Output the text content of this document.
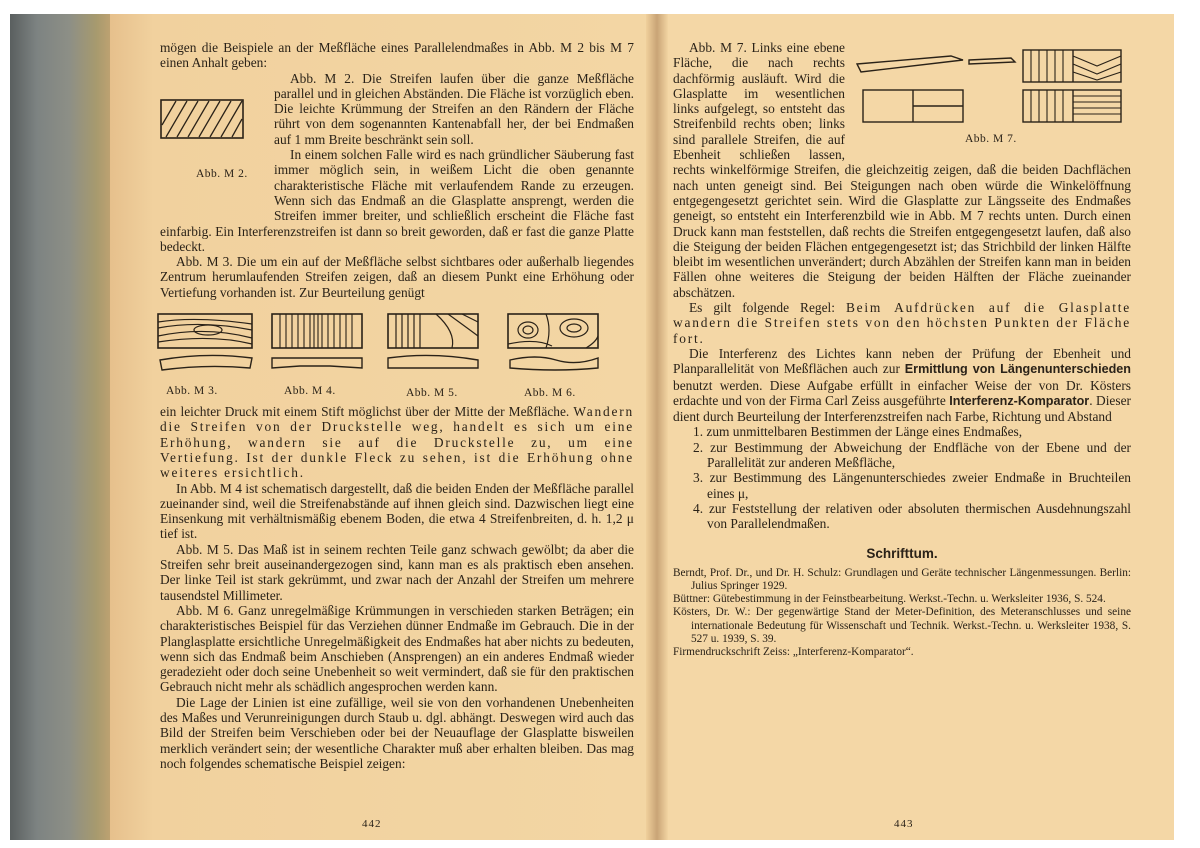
mögen die Beispiele an der Meßfläche eines Parallelendmaßes in Abb. M 2 bis M 7 einen Anhalt geben:

Abb. M 2.
Abb. M 2. Die Streifen laufen über die ganze Meßfläche parallel und in gleichen Abständen. Die Fläche ist vorzüglich eben. Die leichte Krümmung der Streifen an den Rändern der Fläche rührt von dem sogenannten Kantenabfall her, der bei Endmaßen auf 1 mm Breite beschränkt sein soll.

In einem solchen Falle wird es nach gründlicher Säuberung fast immer möglich sein, in weißem Licht die oben genannte charakteristische Fläche mit verlaufendem Rande zu erzeugen. Wenn sich das Endmaß an die Glasplatte ansprengt, werden die Streifen immer breiter, und schließlich erscheint die Fläche fast einfarbig. Ein Interferenzstreifen ist dann so breit geworden, daß er fast die ganze Platte bedeckt.

Abb. M 3. Die um ein auf der Meßfläche selbst sichtbares oder außerhalb liegendes Zentrum herumlaufenden Streifen zeigen, daß an diesem Punkt eine Erhöhung oder Vertiefung vorhanden ist. Zur Beurteilung genügt

Abb. M 3.	Abb. M 4.	Abb. M 5.	Abb. M 6.

ein leichter Druck mit einem Stift möglichst über der Mitte der Meßfläche. Wandern die Streifen von der Druckstelle weg, handelt es sich um eine Erhöhung, wandern sie auf die Druckstelle zu, um eine Vertiefung. Ist der dunkle Fleck zu sehen, ist die Erhöhung ohne weiteres ersichtlich.

In Abb. M 4 ist schematisch dargestellt, daß die beiden Enden der Meßfläche parallel zueinander sind, weil die Streifenabstände auf ihnen gleich sind. Dazwischen liegt eine Einsenkung mit verhältnismäßig ebenem Boden, die etwa 4 Streifenbreiten, d. h. 1,2 μ tief ist.

Abb. M 5. Das Maß ist in seinem rechten Teile ganz schwach gewölbt; da aber die Streifen sehr breit auseinandergezogen sind, kann man es als praktisch eben ansehen. Der linke Teil ist stark gekrümmt, und zwar nach der Anzahl der Streifen um mehrere tausendstel Millimeter.

Abb. M 6. Ganz unregelmäßige Krümmungen in verschieden starken Beträgen; ein charakteristisches Beispiel für das Verziehen dünner Endmaße im Gebrauch. Die in der Planglasplatte ersichtliche Unregelmäßigkeit des Endmaßes hat aber nichts zu bedeuten, wenn sich das Endmaß beim Anschieben (Ansprengen) an ein anderes Endmaß wieder geradezieht oder doch seine Unebenheit so weit vermindert, daß sie für den praktischen Gebrauch nicht mehr als schädlich angesprochen werden kann.

Die Lage der Linien ist eine zufällige, weil sie von den vorhandenen Unebenheiten des Maßes und Verunreinigungen durch Staub u. dgl. abhängt. Deswegen wird auch das Bild der Streifen beim Verschieben oder bei der Neuauflage der Glasplatte bisweilen merklich verändert sein; der wesentliche Charakter muß aber erhalten bleiben. Das mag noch folgendes schematische Beispiel zeigen:

442

Abb. M 7.
Abb. M 7. Links eine ebene Fläche, die nach rechts dachförmig ausläuft. Wird die Glasplatte im wesentlichen links aufgelegt, so entsteht das Streifenbild rechts oben; links sind parallele Streifen, die auf Ebenheit schließen lassen, rechts winkelförmige Streifen, die gleichzeitig zeigen, daß die beiden Dachflächen nach unten geneigt sind. Bei Steigungen nach oben würde die Winkelöffnung entgegengesetzt gerichtet sein. Wird die Glasplatte zur Längsseite des Endmaßes geneigt, so entsteht ein Interferenzbild wie in Abb. M 7 rechts unten. Durch einen Druck kann man feststellen, daß rechts die Streifen entgegengesetzt laufen, daß also die Steigung der beiden Flächen entgegengesetzt ist; das Strichbild der linken Hälfte bleibt im wesentlichen unverändert; durch Abzählen der Streifen kann man in beiden Fällen ohne weiteres die Steigung der beiden Hälften der Fläche zueinander abschätzen.

Es gilt folgende Regel: Beim Aufdrücken auf die Glasplatte wandern die Streifen stets von den höchsten Punkten der Fläche fort.

Die Interferenz des Lichtes kann neben der Prüfung der Ebenheit und Planparallelität von Meßflächen auch zur Ermittlung von Längenunterschieden benutzt werden. Diese Aufgabe erfüllt in einfacher Weise der von Dr. Kösters erdachte und von der Firma Carl Zeiss ausgeführte Interferenz-Komparator. Dieser dient durch Beurteilung der Interferenzstreifen nach Farbe, Richtung und Abstand

1. zum unmittelbaren Bestimmen der Länge eines Endmaßes,

2. zur Bestimmung der Abweichung der Endfläche von der Ebene und der Parallelität zur anderen Meßfläche,

3. zur Bestimmung des Längenunterschiedes zweier Endmaße in Bruchteilen eines μ,

4. zur Feststellung der relativen oder absoluten thermischen Ausdehnungszahl von Parallelendmaßen.

Schrifttum.

Berndt, Prof. Dr., und Dr. H. Schulz: Grundlagen und Geräte technischer Längenmessungen. Berlin: Julius Springer 1929.

Büttner: Gütebestimmung in der Feinstbearbeitung. Werkst.-Techn. u. Werksleiter 1936, S. 524.

Kösters, Dr. W.: Der gegenwärtige Stand der Meter-Definition, des Meteranschlusses und seine internationale Bedeutung für Wissenschaft und Technik. Werkst.-Techn. u. Werksleiter 1938, S. 527 u. 1939, S. 39.

Firmendruckschrift Zeiss: „Interferenz-Komparator“.

443
